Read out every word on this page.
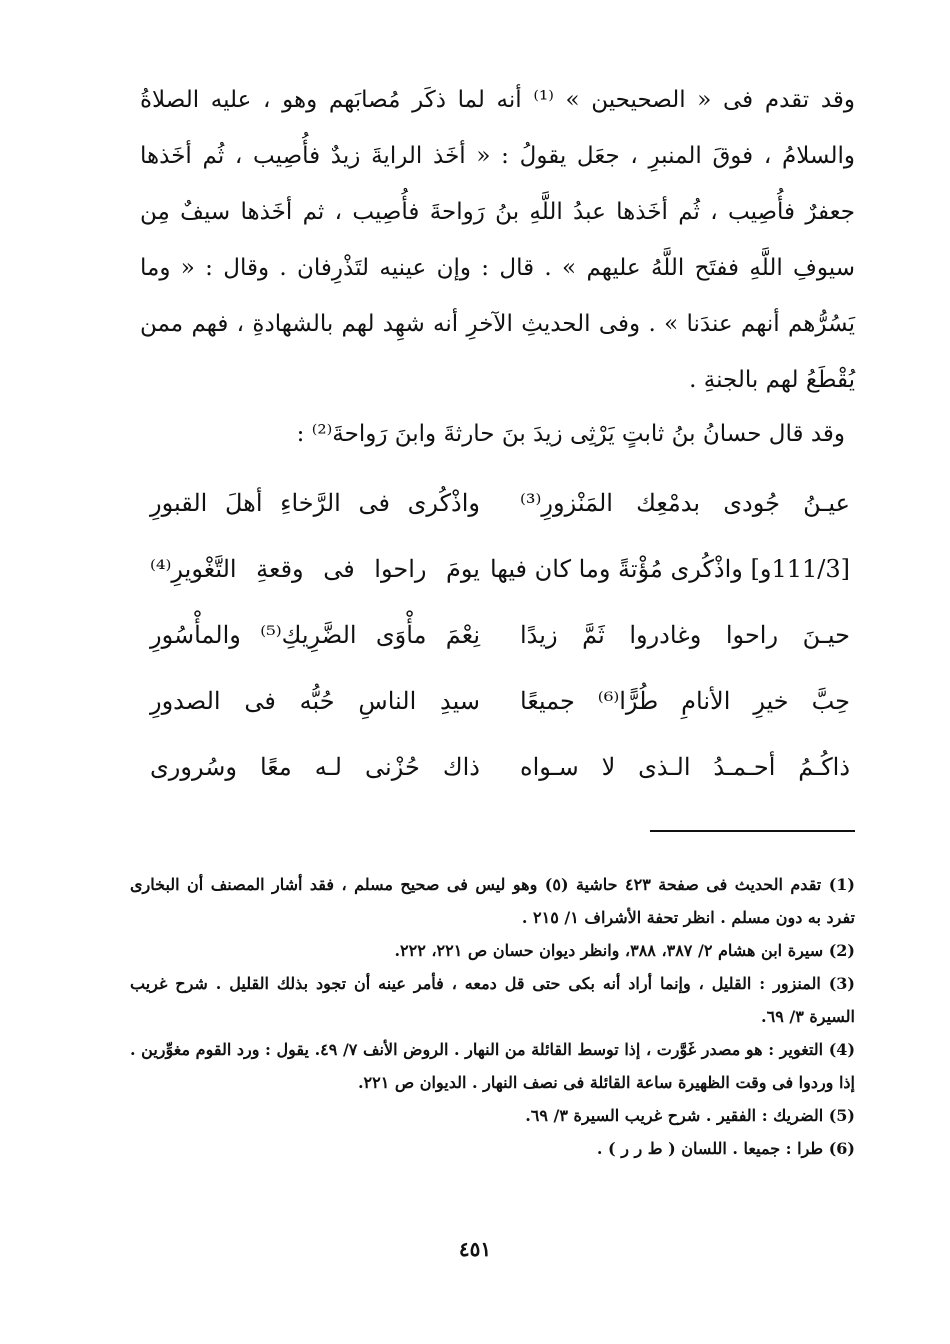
وقد تقدم فى « الصحيحين » ⁽¹⁾ أنه لما ذكَر مُصابَهم وهو ، عليه الصلاةُ والسلامُ ، فوقَ المنبرِ ، جعَل يقولُ : « أخَذ الرايةَ زيدٌ فأُصِيب ، ثُم أخَذها جعفرٌ فأُصِيب ، ثُم أخَذها عبدُ اللَّهِ بنُ رَواحةَ فأُصِيب ، ثم أخَذها سيفٌ مِن سيوفِ اللَّهِ ففتَح اللَّهُ عليهم » . قال : وإن عينيه لتَذْرِفان . وقال : « وما يَسُرُّهم أنهم عندَنا » . وفى الحديثِ الآخرِ أنه شهِد لهم بالشهادةِ ، فهم ممن يُقْطَعُ لهم بالجنةِ .

وقد قال حسانُ بنُ ثابتٍ يَرْثِى زيدَ بنَ حارثةَ وابنَ رَواحةَ⁽²⁾ :
عيـنُ جُودى بدمْعِك المَنْزورِ⁽³⁾
واذْكُرى فى الرَّخاءِ أهلَ القبورِ
[111/3و] واذْكُرى مُؤْتةً وما كان فيها
يومَ راحوا فى وقعةِ التَّغْويرِ⁽⁴⁾
حيـنَ راحوا وغادروا ثَمَّ زيدًا
نِعْمَ مأْوَى الضَّرِيكِ⁽⁵⁾ والمأْسُورِ
حِبَّ خيرِ الأنامِ طُرًّا⁽⁶⁾ جميعًا
سيدِ الناسِ حُبُّه فى الصدورِ
ذاكُـمُ أحـمـدُ الـذى لا سـواه
ذاك حُزْنى لـه معًا وسُرورى
(1) تقدم الحديث فى صفحة ٤٢٣ حاشية (٥) وهو ليس فى صحيح مسلم ، فقد أشار المصنف أن البخارى تفرد به دون مسلم . انظر تحفة الأشراف ١/ ٢١٥ .
(2) سيرة ابن هشام ٢/ ٣٨٧، ٣٨٨، وانظر ديوان حسان ص ٢٢١، ٢٢٢.
(3) المنزور : القليل ، وإنما أراد أنه بكى حتى قل دمعه ، فأمر عينه أن تجود بذلك القليل . شرح غريب السيرة ٣/ ٦٩.
(4) التغوير : هو مصدر غَوَّرت ، إذا توسط القائلة من النهار . الروض الأنف ٧/ ٤٩. يقول : ورد القوم مغوِّرين . إذا وردوا فى وقت الظهيرة ساعة القائلة فى نصف النهار . الديوان ص ٢٢١.
(5) الضريك : الفقير . شرح غريب السيرة ٣/ ٦٩.
(6) طرا : جميعا . اللسان ( ط ر ر ) .
٤٥١
